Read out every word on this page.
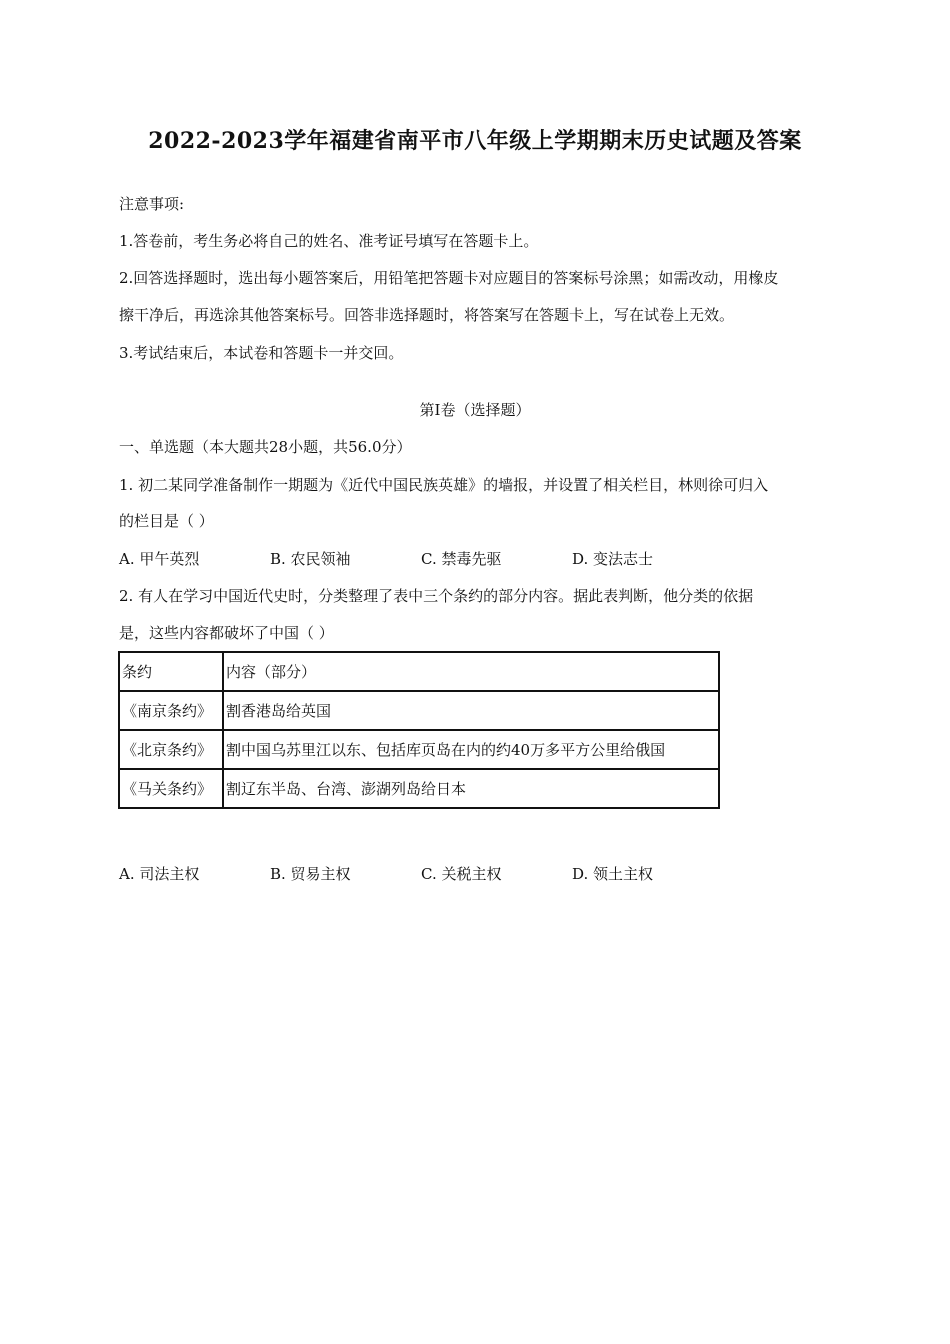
2022-2023学年福建省南平市八年级上学期期末历史试题及答案
注意事项:
1.答卷前，考生务必将自己的姓名、准考证号填写在答题卡上。
2.回答选择题时，选出每小题答案后，用铅笔把答题卡对应题目的答案标号涂黑；如需改动，用橡皮
擦干净后，再选涂其他答案标号。回答非选择题时，将答案写在答题卡上，写在试卷上无效。
3.考试结束后，本试卷和答题卡一并交回。
第Ⅰ卷（选择题）
一、单选题（本大题共28小题，共56.0分）
1. 初二某同学准备制作一期题为《近代中国民族英雄》的墙报，并设置了相关栏目，林则徐可归入
的栏目是（ ）
A. 甲午英烈	B. 农民领袖	C. 禁毒先驱	D. 变法志士
2. 有人在学习中国近代史时，分类整理了表中三个条约的部分内容。据此表判断，他分类的依据
是，这些内容都破坏了中国（ ）
条约	内容（部分）
《南京条约》	割香港岛给英国
《北京条约》	割中国乌苏里江以东、包括库页岛在内的约40万多平方公里给俄国
《马关条约》	割辽东半岛、台湾、澎湖列岛给日本
A. 司法主权	B. 贸易主权	C. 关税主权	D. 领土主权
